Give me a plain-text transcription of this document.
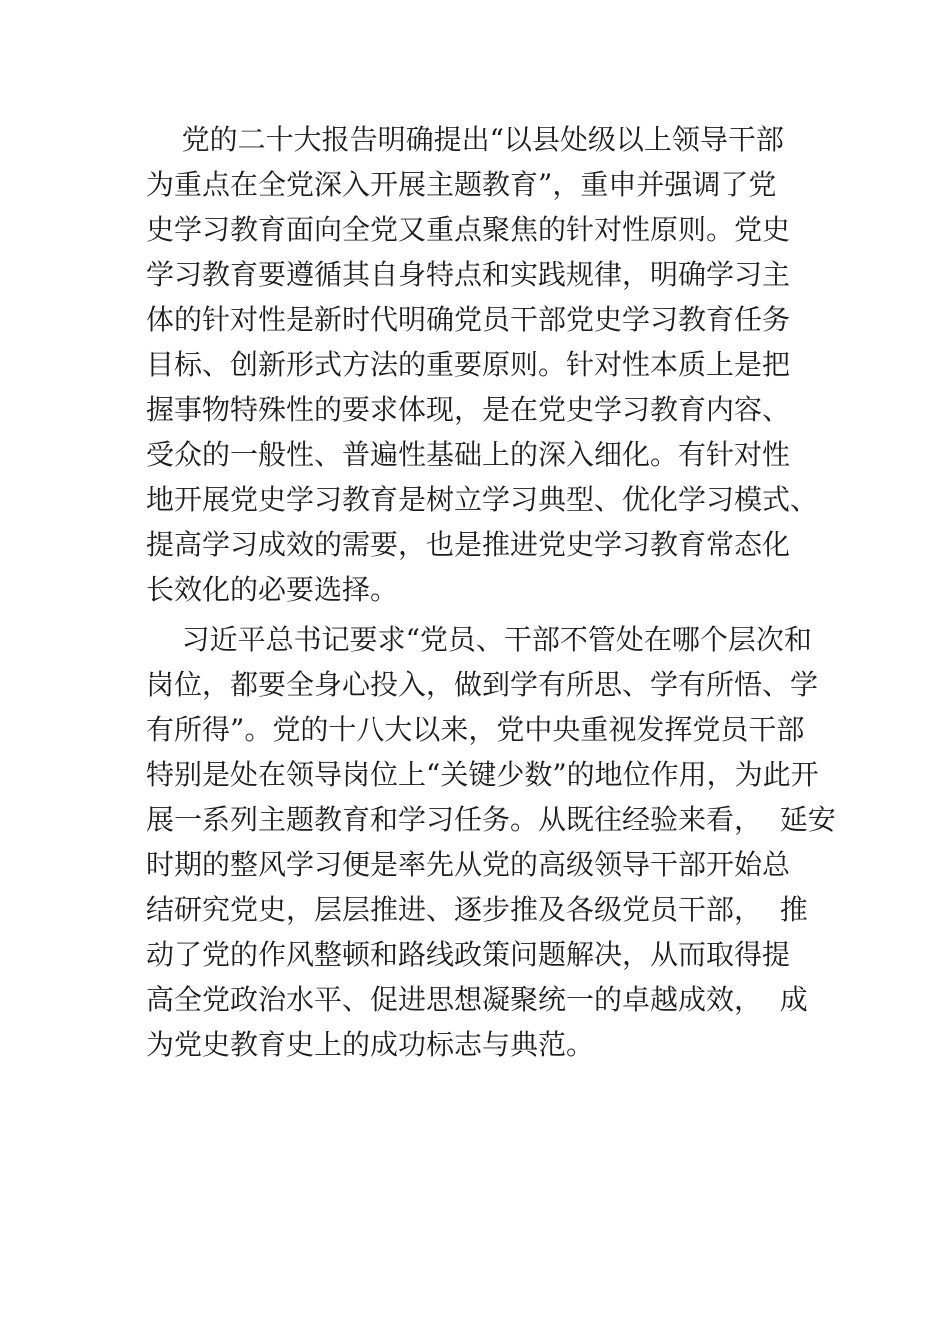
党的二十大报告明确提出“以县处级以上领导干部
为重点在全党深入开展主题教育”，重申并强调了党
史学习教育面向全党又重点聚焦的针对性原则。党史
学习教育要遵循其自身特点和实践规律，明确学习主
体的针对性是新时代明确党员干部党史学习教育任务
目标、创新形式方法的重要原则。针对性本质上是把
握事物特殊性的要求体现，是在党史学习教育内容、
受众的一般性、普遍性基础上的深入细化。有针对性
地开展党史学习教育是树立学习典型、优化学习模式、
提高学习成效的需要，也是推进党史学习教育常态化
长效化的必要选择。
习近平总书记要求“党员、干部不管处在哪个层次和
岗位，都要全身心投入，做到学有所思、学有所悟、学
有所得”。党的十八大以来，党中央重视发挥党员干部
特别是处在领导岗位上“关键少数”的地位作用，为此开
展一系列主题教育和学习任务。从既往经验来看，  延安
时期的整风学习便是率先从党的高级领导干部开始总
结研究党史，层层推进、逐步推及各级党员干部，  推
动了党的作风整顿和路线政策问题解决，从而取得提
高全党政治水平、促进思想凝聚统一的卓越成效，  成
为党史教育史上的成功标志与典范。
